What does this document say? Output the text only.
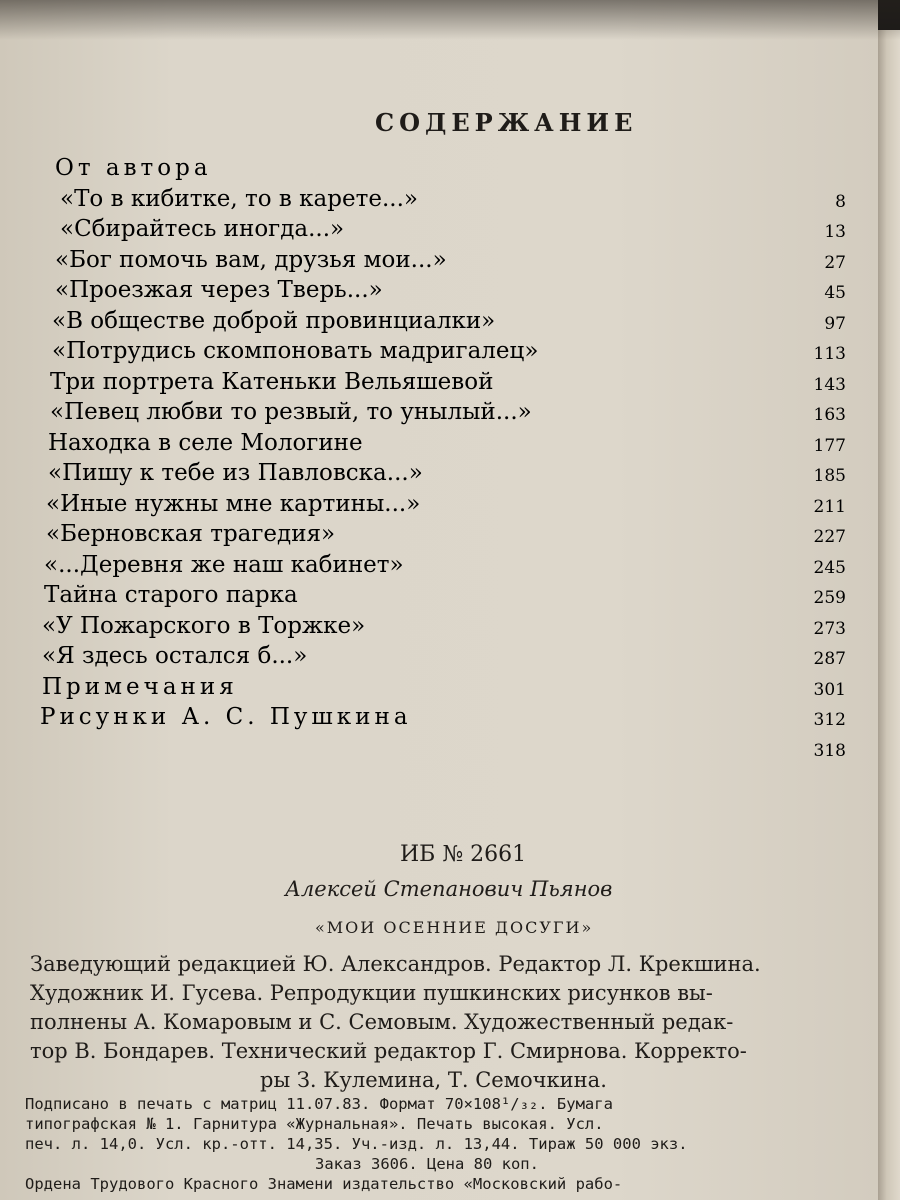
СОДЕРЖАНИЕ
От автора
«То в кибитке, то в карете...»	8
«Сбирайтесь иногда...»	13
«Бог помочь вам, друзья мои...»	27
«Проезжая через Тверь...»	45
«В обществе доброй провинциалки»	97
«Потрудись скомпоновать мадригалец»	113
Три портрета Катеньки Вельяшевой	143
«Певец любви то резвый, то унылый...»	163
Находка в селе Мологине	177
«Пишу к тебе из Павловска...»	185
«Иные нужны мне картины...»	211
«Берновская трагедия»	227
«...Деревня же наш кабинет»	245
Тайна старого парка	259
«У Пожарского в Торжке»	273
«Я здесь остался б...»	287
Примечания	301
Рисунки А. С. Пушкина	312
318
ИБ № 2661
Алексей Степанович Пьянов
«МОИ ОСЕННИЕ ДОСУГИ»
Заведующий редакцией Ю. Александров. Редактор Л. Крекшина.
Художник И. Гусева. Репродукции пушкинских рисунков вы-
полнены А. Комаровым и С. Семовым. Художественный редак-
тор В. Бондарев. Технический редактор Г. Смирнова. Корректо-
ры З. Кулемина, Т. Семочкина.
Подписано в печать с матриц 11.07.83. Формат 70×108¹/₃₂. Бумага
типографская № 1. Гарнитура «Журнальная». Печать высокая. Усл.
печ. л. 14,0. Усл. кр.-отт. 14,35. Уч.-изд. л. 13,44. Тираж 50 000 экз.
Заказ 3606. Цена 80 коп.
Ордена Трудового Красного Знамени издательство «Московский рабо-
